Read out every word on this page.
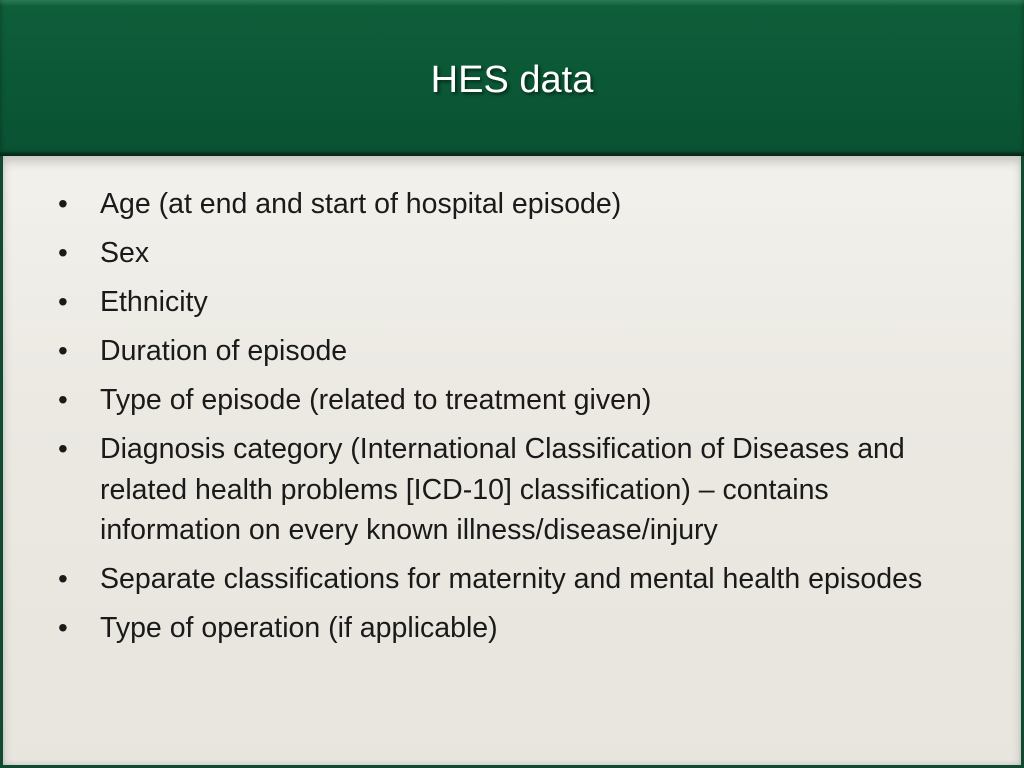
HES data
•	Age (at end and start of hospital episode)
•	Sex
•	Ethnicity
•	Duration of episode
•	Type of episode (related to treatment given)
•	Diagnosis category (International Classification of Diseases and related health problems [ICD-10] classification) – contains information on every known illness/disease/injury
•	Separate classifications for maternity and mental health episodes
•	Type of operation (if applicable)
